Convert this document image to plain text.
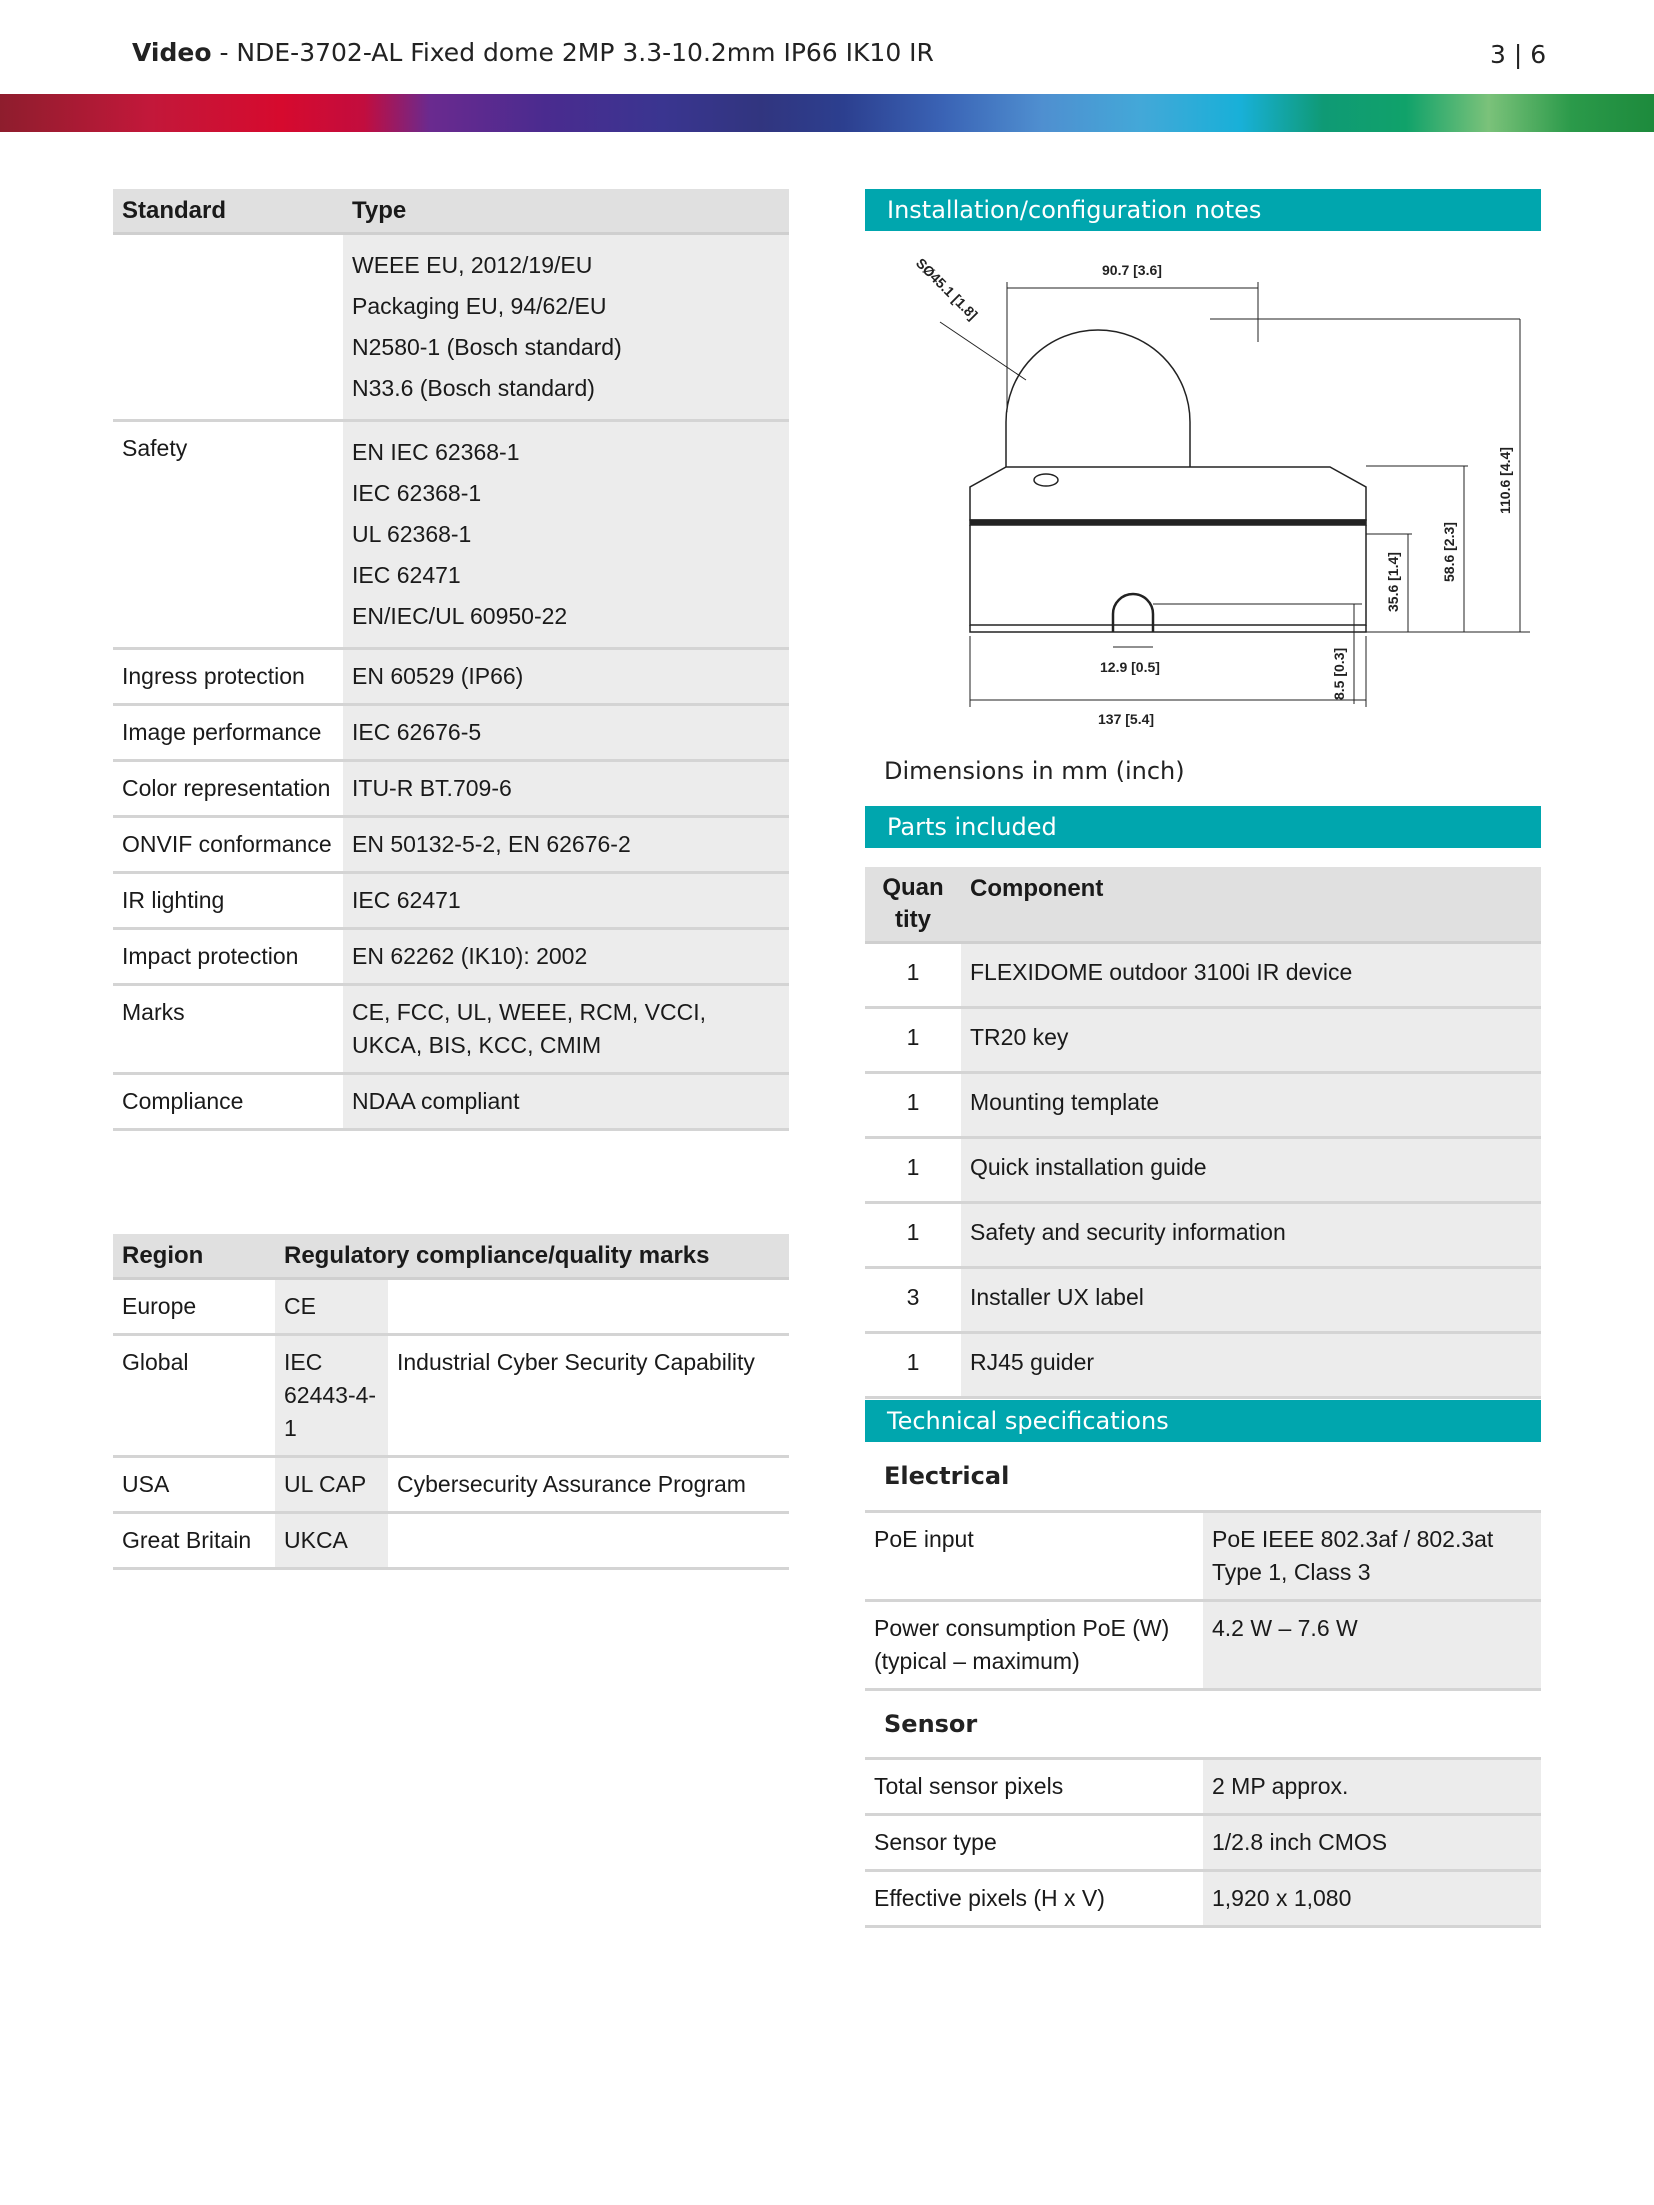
Video - NDE-3702-AL Fixed dome 2MP 3.3-10.2mm IP66 IK10 IR	3 | 6
Standard	Type

	WEEE EU, 2012/19/EU
Packaging EU, 94/62/EU
N2580-1 (Bosch standard)
N33.6 (Bosch standard)

Safety	EN IEC 62368-1
IEC 62368-1
UL 62368-1
IEC 62471
EN/IEC/UL 60950-22

Ingress protection	EN 60529 (IP66)

Image performance	IEC 62676-5

Color representation	ITU-R BT.709-6

ONVIF conformance	EN 50132-5-2, EN 62676-2

IR lighting	IEC 62471

Impact protection	EN 62262 (IK10): 2002

Marks	CE, FCC, UL, WEEE, RCM, VCCI, UKCA, BIS, KCC, CMIM

Compliance	NDAA compliant
Region	Regulatory compliance/quality marks	
Europe	CE	
Global	IEC 62443-4-1	Industrial Cyber Security Capability
USA	UL CAP	Cybersecurity Assurance Program
Great Britain	UKCA	
Installation/configuration notes
90.7 [3.6]
SØ45.1 [1.8]
110.6 [4.4]
58.6 [2.3]
35.6 [1.4]
8.5 [0.3]
12.9 [0.5]
137 [5.4]
Dimensions in mm (inch)
Parts included
Quan tity	Component
1	FLEXIDOME outdoor 3100i IR device
1	TR20 key
1	Mounting template
1	Quick installation guide
1	Safety and security information
3	Installer UX label
1	RJ45 guider
Technical specifications
Electrical
PoE input	PoE IEEE 802.3af / 802.3at Type 1, Class 3
Power consumption PoE (W) (typical – maximum)	4.2 W – 7.6 W
Sensor
Total sensor pixels	2 MP approx.
Sensor type	1/2.8 inch CMOS
Effective pixels (H x V)	1,920 x 1,080
